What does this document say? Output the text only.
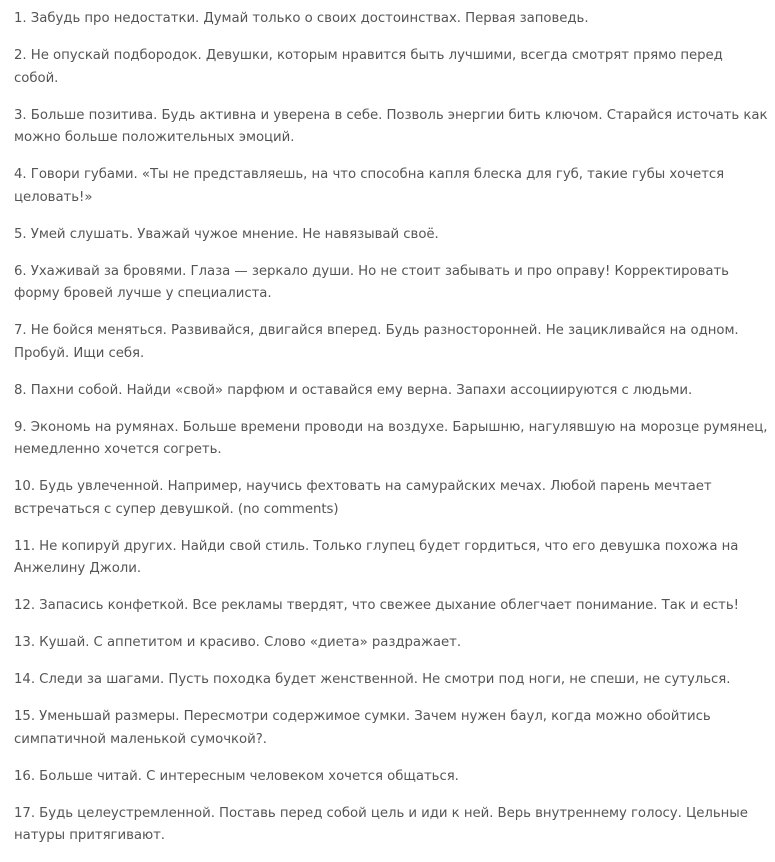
1. Забудь про недостатки. Думай только о своих достоинствах. Первая заповедь.

2. Не опускай подбородок. Девушки, которым нравится быть лучшими, всегда смотрят прямо перед собой.

3. Больше позитива. Будь активна и уверена в себе. Позволь энергии бить ключом. Старайся источать как можно больше положительных эмоций.

4. Говори губами. «Ты не представляешь, на что способна капля блеска для губ, такие губы хочется целовать!»

5. Умей слушать. Уважай чужое мнение. Не навязывай своё.

6. Ухаживай за бровями. Глаза — зеркало души. Но не стоит забывать и про оправу! Корректировать форму бровей лучше у специалиста.

7. Не бойся меняться. Развивайся, двигайся вперед. Будь разносторонней. Не зацикливайся на одном. Пробуй. Ищи себя.

8. Пахни собой. Найди «свой» парфюм и оставайся ему верна. Запахи ассоциируются с людьми.

9. Экономь на румянах. Больше времени проводи на воздухе. Барышню, нагулявшую на морозце румянец, немедленно хочется согреть.

10. Будь увлеченной. Например, научись фехтовать на самурайских мечах. Любой парень мечтает встречаться с супер девушкой. (no comments)

11. Не копируй других. Найди свой стиль. Только глупец будет гордиться, что его девушка похожа на Анжелину Джоли.

12. Запасись конфеткой. Все рекламы твердят, что свежее дыхание облегчает понимание. Так и есть!

13. Кушай. С аппетитом и красиво. Слово «диета» раздражает.

14. Следи за шагами. Пусть походка будет женственной. Не смотри под ноги, не спеши, не сутулься.

15. Уменьшай размеры. Пересмотри содержимое сумки. Зачем нужен баул, когда можно обойтись симпатичной маленькой сумочкой?.

16. Больше читай. С интересным человеком хочется общаться.

17. Будь целеустремленной. Поставь перед собой цель и иди к ней. Верь внутреннему голосу. Цельные натуры притягивают.
